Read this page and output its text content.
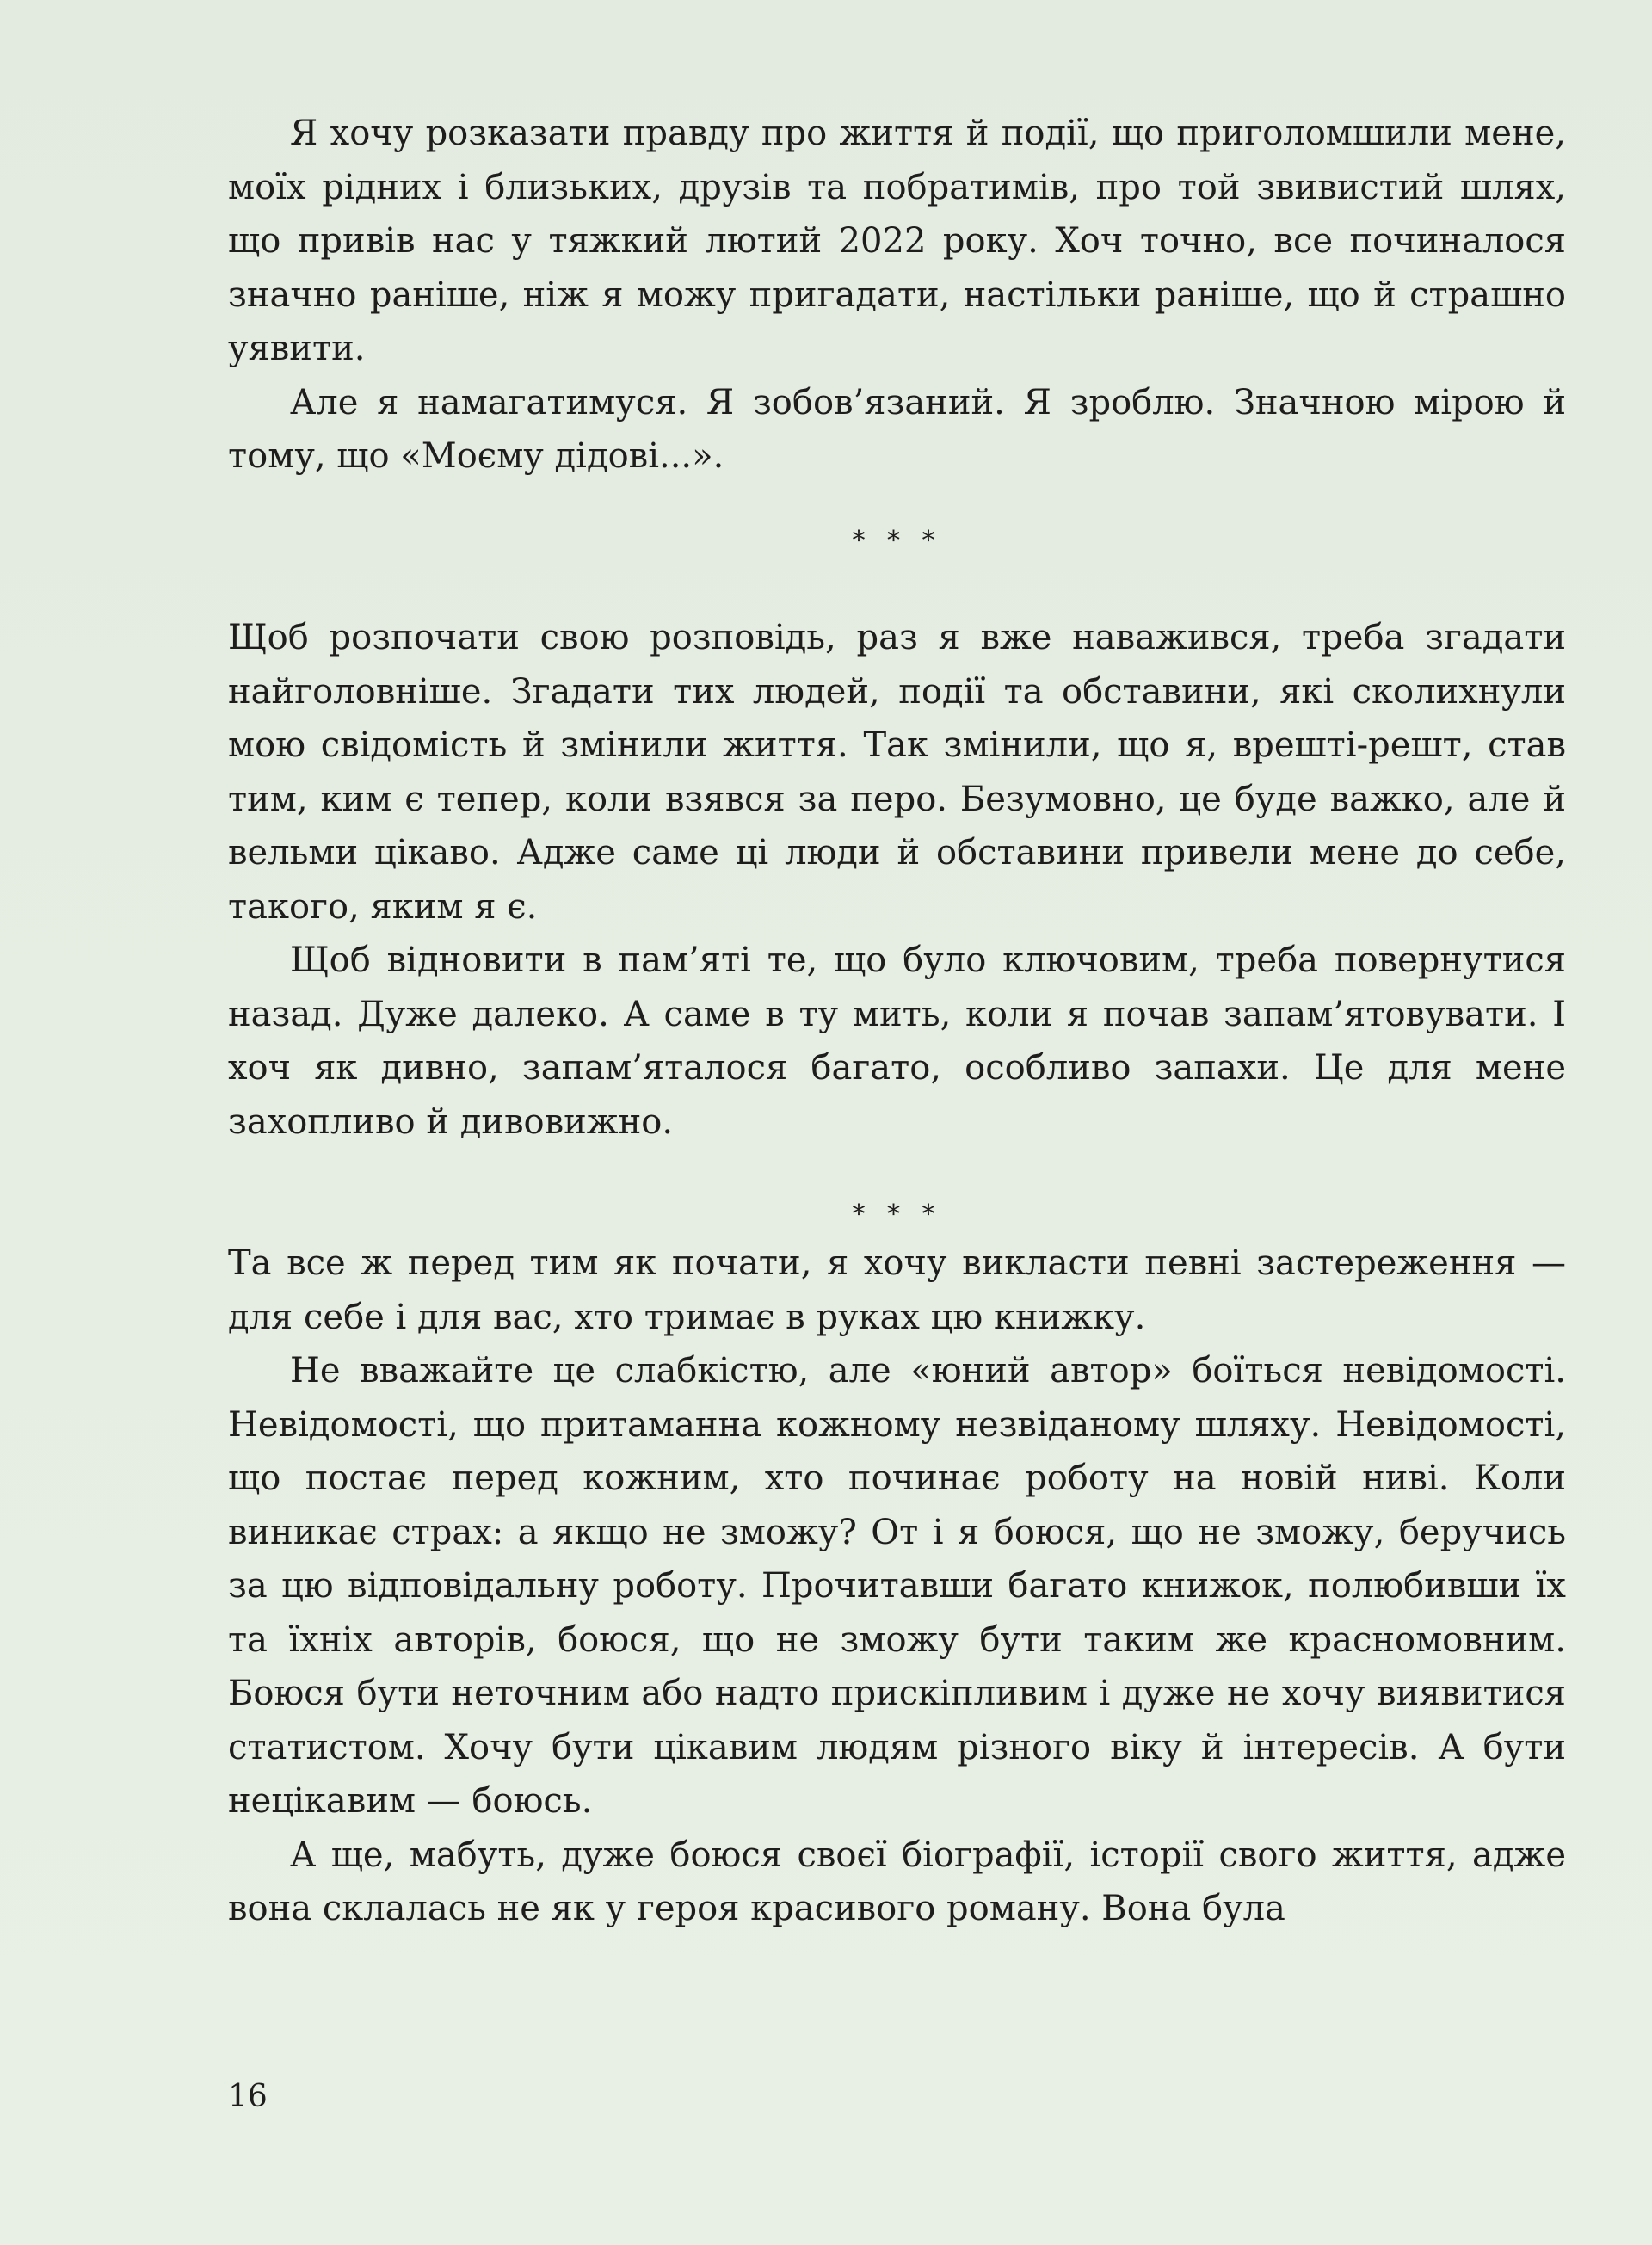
Я хочу розказати правду про життя й події, що приголомшили мене, моїх рідних і близьких, друзів та побратимів, про той звивистий шлях, що привів нас у тяжкий лютий 2022 року. Хоч точно, все починалося значно раніше, ніж я можу пригадати, настільки раніше, що й страшно уявити.

Але я намагатимуся. Я зобов’язаний. Я зроблю. Значною мірою й тому, що «Моєму дідові...».

* * *

Щоб розпочати свою розповідь, раз я вже наважився, треба згадати найголовніше. Згадати тих людей, події та обставини, які сколихнули мою свідомість й змінили життя. Так змінили, що я, врешті-решт, став тим, ким є тепер, коли взявся за перо. Безумовно, це буде важко, але й вельми цікаво. Адже саме ці люди й обставини привели мене до себе, такого, яким я є.

Щоб відновити в пам’яті те, що було ключовим, треба повернутися назад. Дуже далеко. А саме в ту мить, коли я почав запам’ятовувати. І хоч як дивно, запам’яталося багато, особливо запахи. Це для мене захопливо й дивовижно.

* * *

Та все ж перед тим як почати, я хочу викласти певні застереження — для себе і для вас, хто тримає в руках цю книжку.

Не вважайте це слабкістю, але «юний автор» боїться невідомості. Невідомості, що притаманна кожному незвіданому шляху. Невідомості, що постає перед кожним, хто починає роботу на новій ниві. Коли виникає страх: а якщо не зможу? От і я боюся, що не зможу, беручись за цю відповідальну роботу. Прочитавши багато книжок, полюбивши їх та їхніх авторів, боюся, що не зможу бути таким же красномовним. Боюся бути неточним або надто прискіпливим і дуже не хочу виявитися статистом. Хочу бути цікавим людям різного віку й інтересів. А бути нецікавим — боюсь.

А ще, мабуть, дуже боюся своєї біографії, історії свого життя, адже вона склалась не як у героя красивого роману. Вона була

16
